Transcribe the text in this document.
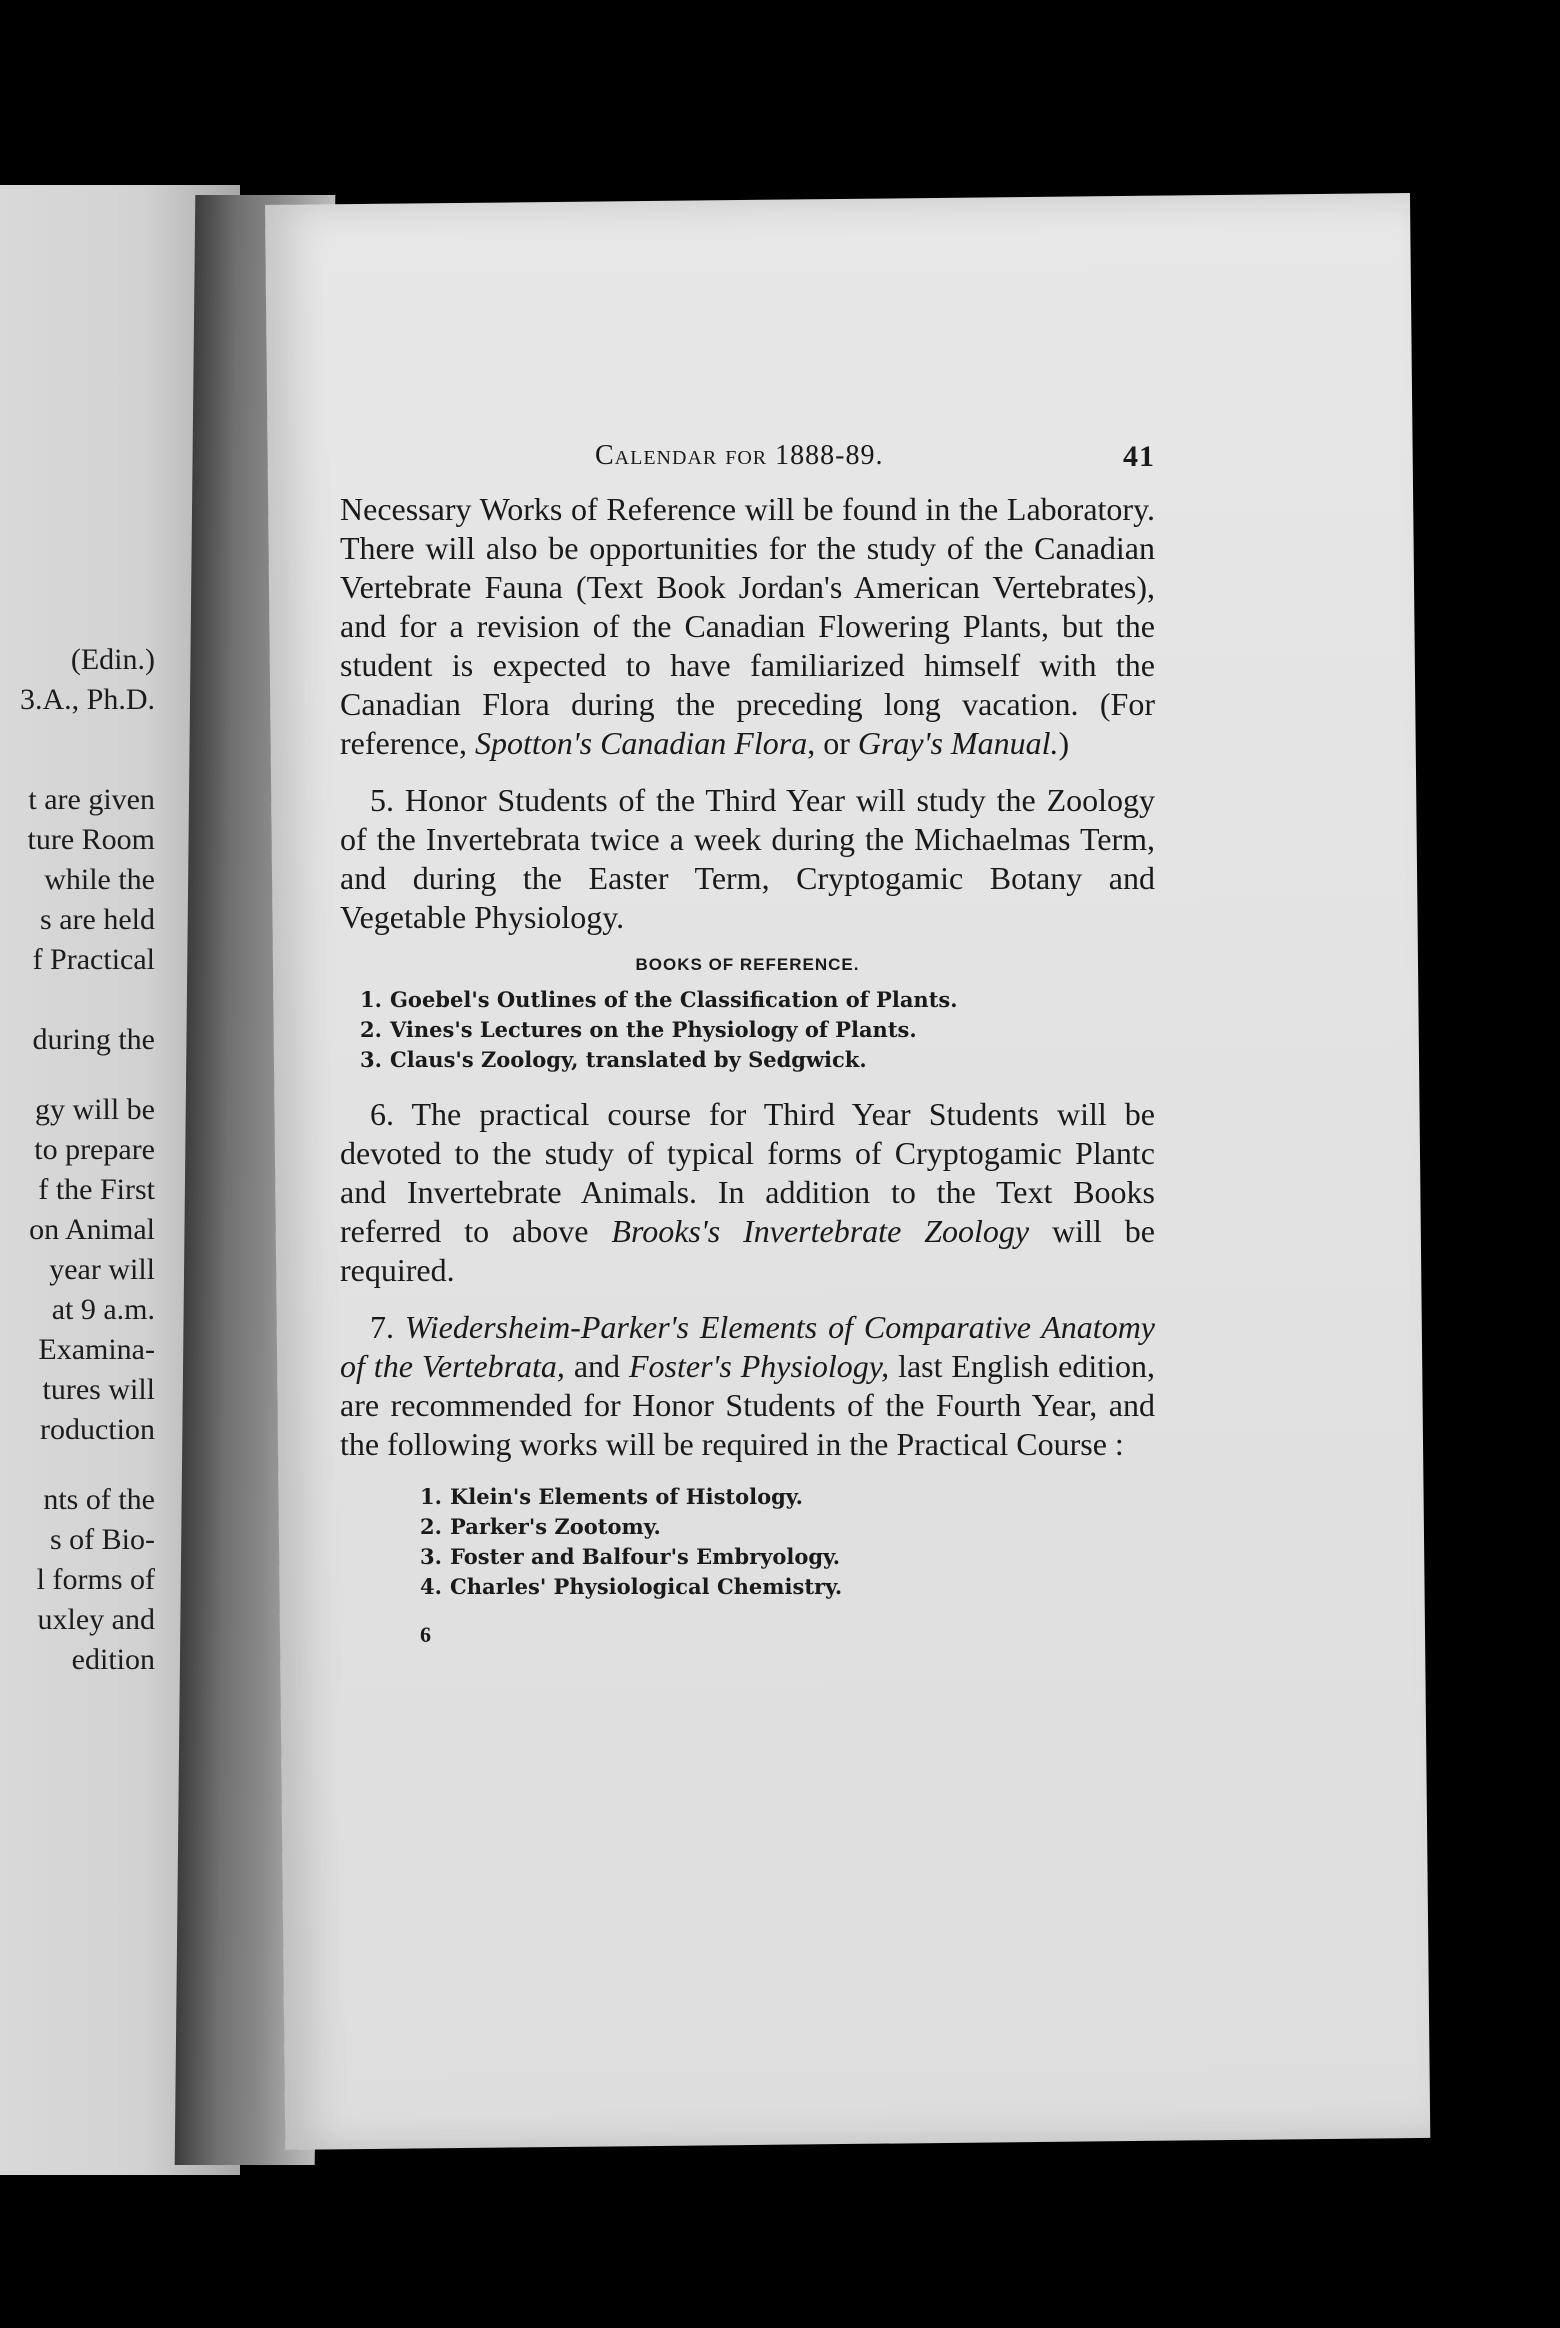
(Edin.)
3.A., Ph.D.
t are given
ture Room
while the
s are held
f Practical
during the
gy will be
to prepare
f the First
on Animal
year will
at 9 a.m.
Examina-
tures will
roduction
nts of the
s of Bio-
l forms of
uxley and
edition
Calendar for 1888-89.	41

Necessary Works of Reference will be found in the Laboratory. There will also be opportunities for the study of the Canadian Vertebrate Fauna (Text Book Jordan's American Vertebrates), and for a revision of the Canadian Flowering Plants, but the student is expected to have familiarized himself with the Canadian Flora during the preceding long vacation. (For reference, Spotton's Canadian Flora, or Gray's Manual.)

5. Honor Students of the Third Year will study the Zoology of the Invertebrata twice a week during the Michaelmas Term, and during the Easter Term, Cryptogamic Botany and Vegetable Physiology.

BOOKS OF REFERENCE.
1. Goebel's Outlines of the Classification of Plants.
2. Vines's Lectures on the Physiology of Plants.
3. Claus's Zoology, translated by Sedgwick.

6. The practical course for Third Year Students will be devoted to the study of typical forms of Cryptogamic Plantc and Invertebrate Animals. In addition to the Text Books referred to above Brooks's Invertebrate Zoology will be required.

7. Wiedersheim-Parker's Elements of Comparative Anatomy of the Vertebrata, and Foster's Physiology, last English edition, are recommended for Honor Students of the Fourth Year, and the following works will be required in the Practical Course :

1. Klein's Elements of Histology.
2. Parker's Zootomy.
3. Foster and Balfour's Embryology.
4. Charles' Physiological Chemistry.
6
